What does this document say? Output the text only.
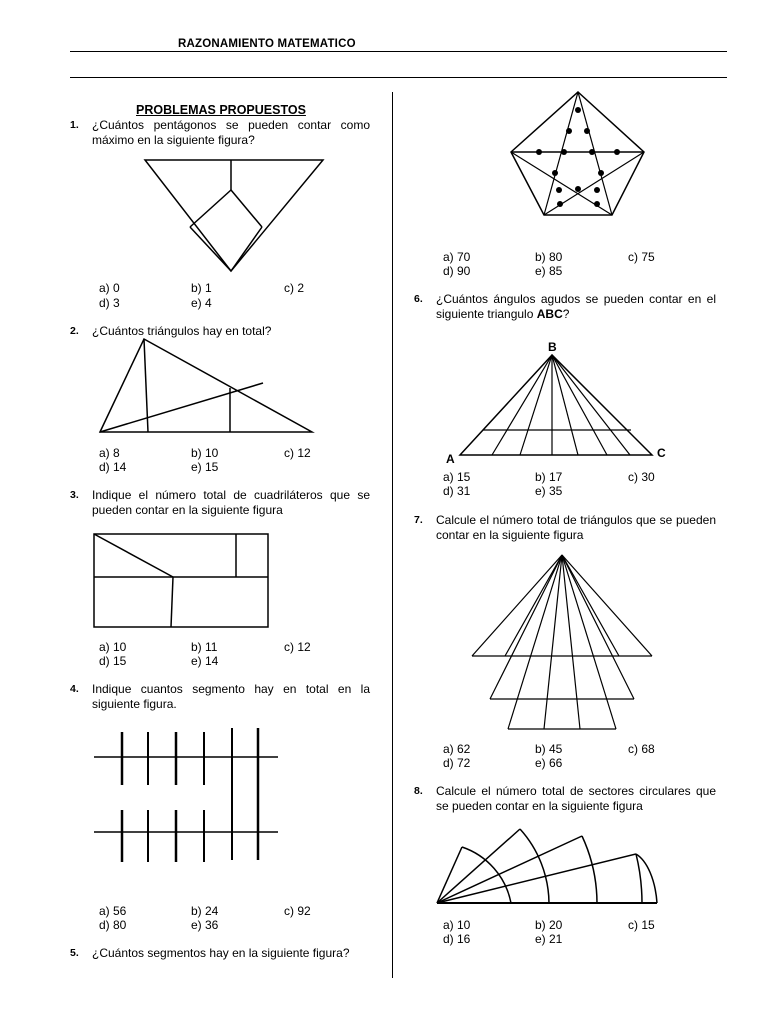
RAZONAMIENTO MATEMATICO
PROBLEMAS PROPUESTOS
1. ¿Cuántos pentágonos se pueden contar como máximo en la siguiente figura?
a) 0	b) 1	c) 2
d) 3	e) 4
2. ¿Cuántos triángulos hay en total?
a) 8	b) 10	c) 12
d) 14	e) 15
3. Indique el número total de cuadriláteros que se pueden contar en la siguiente figura
a) 10	b) 11	c) 12
d) 15	e) 14
4. Indique cuantos segmento hay en total en la siguiente figura.
a) 56	b) 24	c) 92
d) 80	e) 36
5. ¿Cuántos segmentos hay en la siguiente figura?
a) 70	b) 80	c) 75
d) 90	e) 85
6. ¿Cuántos ángulos agudos se pueden contar en el siguiente triangulo ABC?
B
A	C
a) 15	b) 17	c) 30
d) 31	e) 35
7. Calcule el número total de triángulos que se pueden contar en la siguiente figura
a) 62	b) 45	c) 68
d) 72	e) 66
8. Calcule el número total de sectores circulares que se pueden contar en la siguiente figura
a) 10	b) 20	c) 15
d) 16	e) 21
